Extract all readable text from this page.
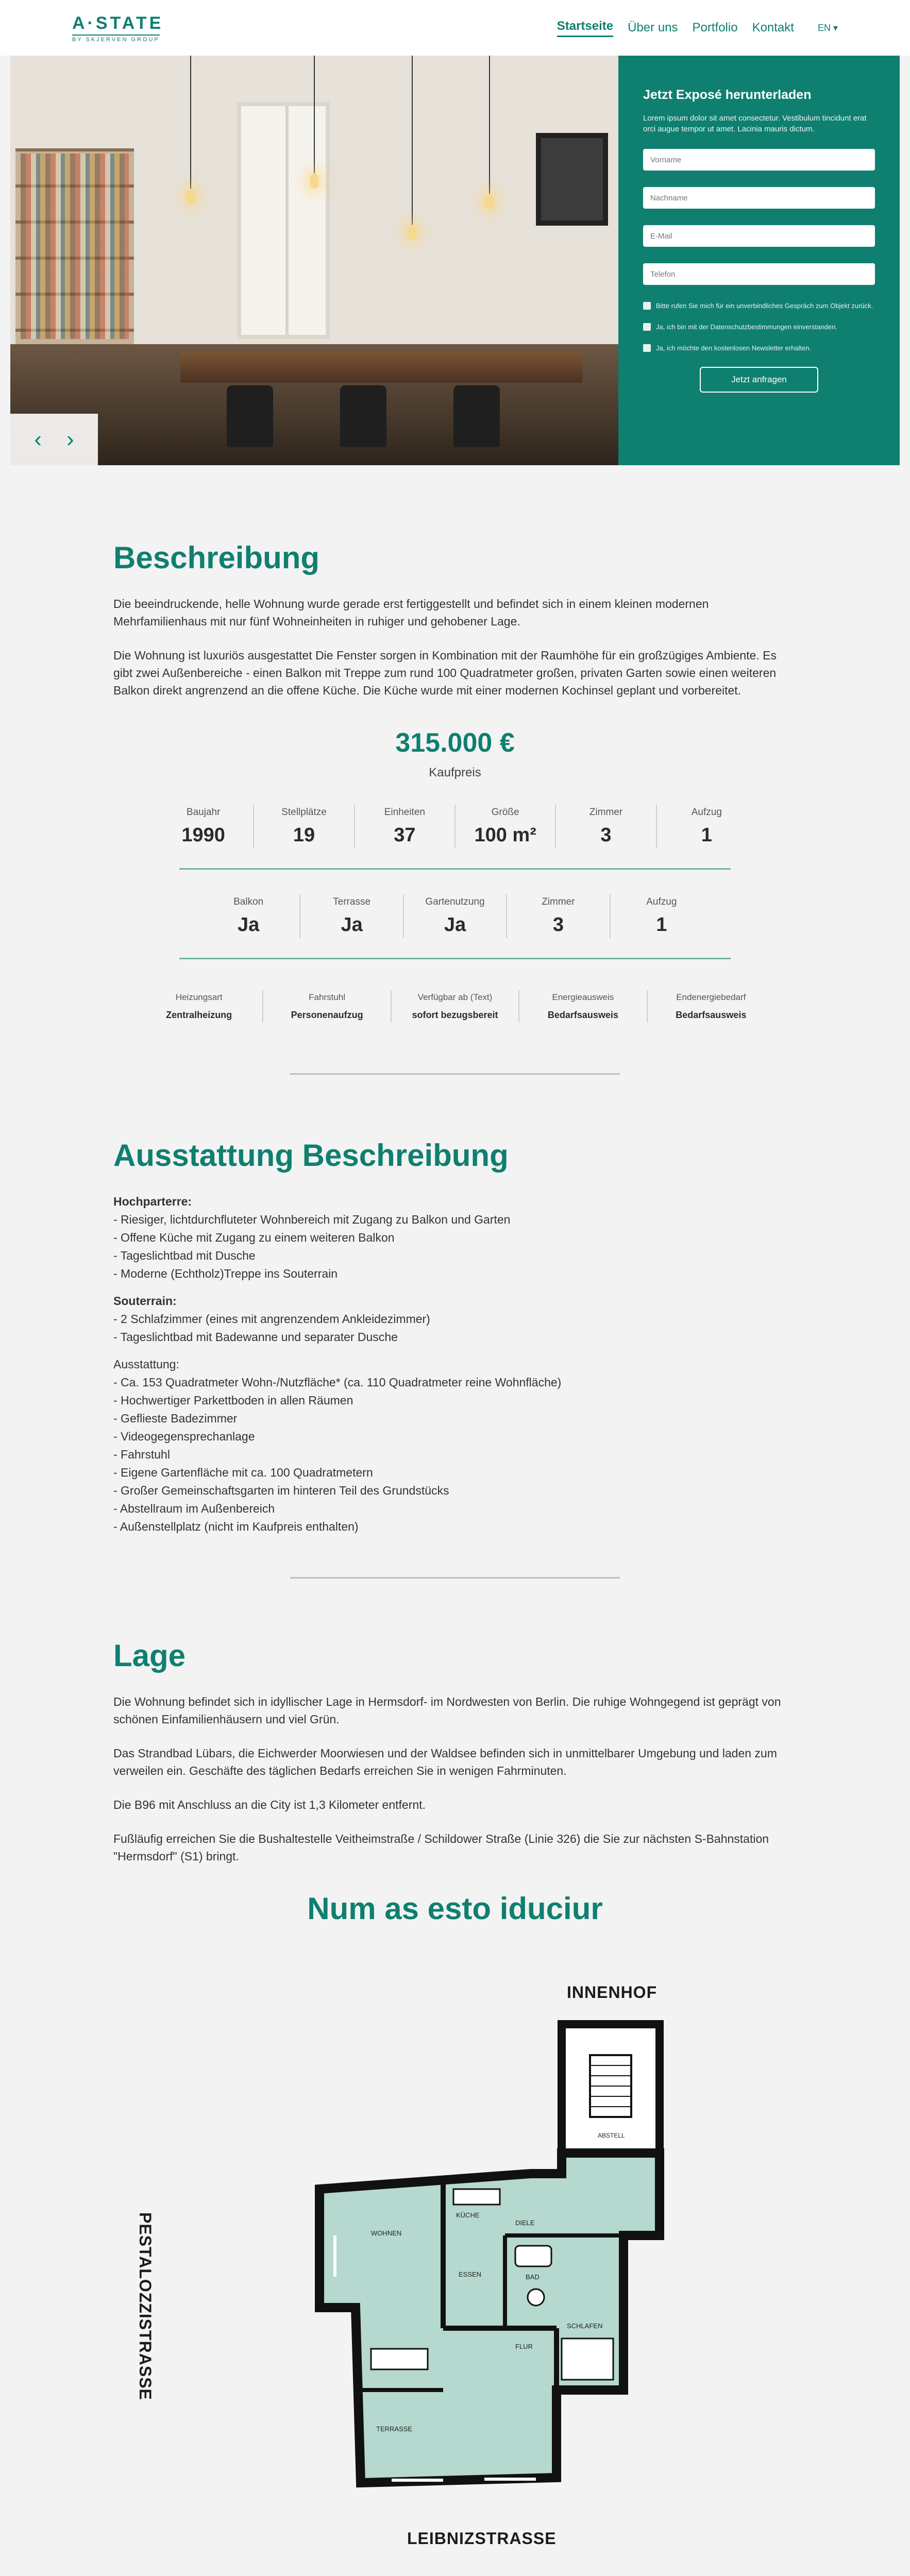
A·STATE
BY SKJERVEN GROUP
Startseite Über uns Portfolio Kontakt	EN ▾
‹ ›
Jetzt Exposé herunterladen

Lorem ipsum dolor sit amet consectetur. Vestibulum tincidunt erat orci augue tempor ut amet. Lacinia mauris dictum.

Vorname Nachname E-Mail Telefon
Bitte rufen Sie mich für ein unverbindliches Gespräch zum Objekt zurück.
Ja, ich bin mit der Datenschutzbestimmungen einverstanden.
Ja, ich möchte den kostenlosen Newsletter erhalten.
Jetzt anfragen
Beschreibung

Die beeindruckende, helle Wohnung wurde gerade erst fertiggestellt und befindet sich in einem kleinen modernen Mehrfamilienhaus mit nur fünf Wohneinheiten in ruhiger und gehobener Lage.

Die Wohnung ist luxuriös ausgestattet Die Fenster sorgen in Kombination mit der Raumhöhe für ein großzügiges Ambiente. Es gibt zwei Außenbereiche - einen Balkon mit Treppe zum rund 100 Quadratmeter großen, privaten Garten sowie einen weiteren Balkon direkt angrenzend an die offene Küche. Die Küche wurde mit einer modernen Kochinsel geplant und vorbereitet.

315.000 €
Kaufpreis
Baujahr
1990
Stellplätze
19
Einheiten
37
Größe
100 m²
Zimmer
3
Aufzug
1
Balkon
Ja
Terrasse
Ja
Gartenutzung
Ja
Zimmer
3
Aufzug
1
Heizungsart
Zentralheizung
Fahrstuhl
Personenaufzug
Verfügbar ab (Text)
sofort bezugsbereit
Energieausweis
Bedarfsausweis
Endenergiebedarf
Bedarfsausweis
Ausstattung Beschreibung
Hochparterre:
- Riesiger, lichtdurchfluteter Wohnbereich mit Zugang zu Balkon und Garten
- Offene Küche mit Zugang zu einem weiteren Balkon
- Tageslichtbad mit Dusche
- Moderne (Echtholz)Treppe ins Souterrain
Souterrain:
- 2 Schlafzimmer (eines mit angrenzendem Ankleidezimmer)
- Tageslichtbad mit Badewanne und separater Dusche
Ausstattung:
- Ca. 153 Quadratmeter Wohn-/Nutzfläche* (ca. 110 Quadratmeter reine Wohnfläche)
- Hochwertiger Parkettboden in allen Räumen
- Geflieste Badezimmer
- Videogegensprechanlage
- Fahrstuhl
- Eigene Gartenfläche mit ca. 100 Quadratmetern
- Großer Gemeinschaftsgarten im hinteren Teil des Grundstücks
- Abstellraum im Außenbereich
- Außenstellplatz (nicht im Kaufpreis enthalten)
Lage

Die Wohnung befindet sich in idyllischer Lage in Hermsdorf- im Nordwesten von Berlin. Die ruhige Wohngegend ist geprägt von schönen Einfamilienhäusern und viel Grün.

Das Strandbad Lübars, die Eichwerder Moorwiesen und der Waldsee befinden sich in unmittelbarer Umgebung und laden zum verweilen ein. Geschäfte des täglichen Bedarfs erreichen Sie in wenigen Fahrminuten.

Die B96 mit Anschluss an die City ist 1,3 Kilometer entfernt.

Fußläufig erreichen Sie die Bushaltestelle Veitheimstraße / Schildower Straße (Linie 326) die Sie zur nächsten S-Bahnstation "Hermsdorf" (S1) bringt.

Num as esto iduciur
INNENHOF
PESTALOZZISTRASSE
LEIBNIZSTRASSE
WOHNEN
SCHLAFEN
KÜCHE
BAD
FLUR
ESSEN
TERRASSE
DIELE
ABSTELL
